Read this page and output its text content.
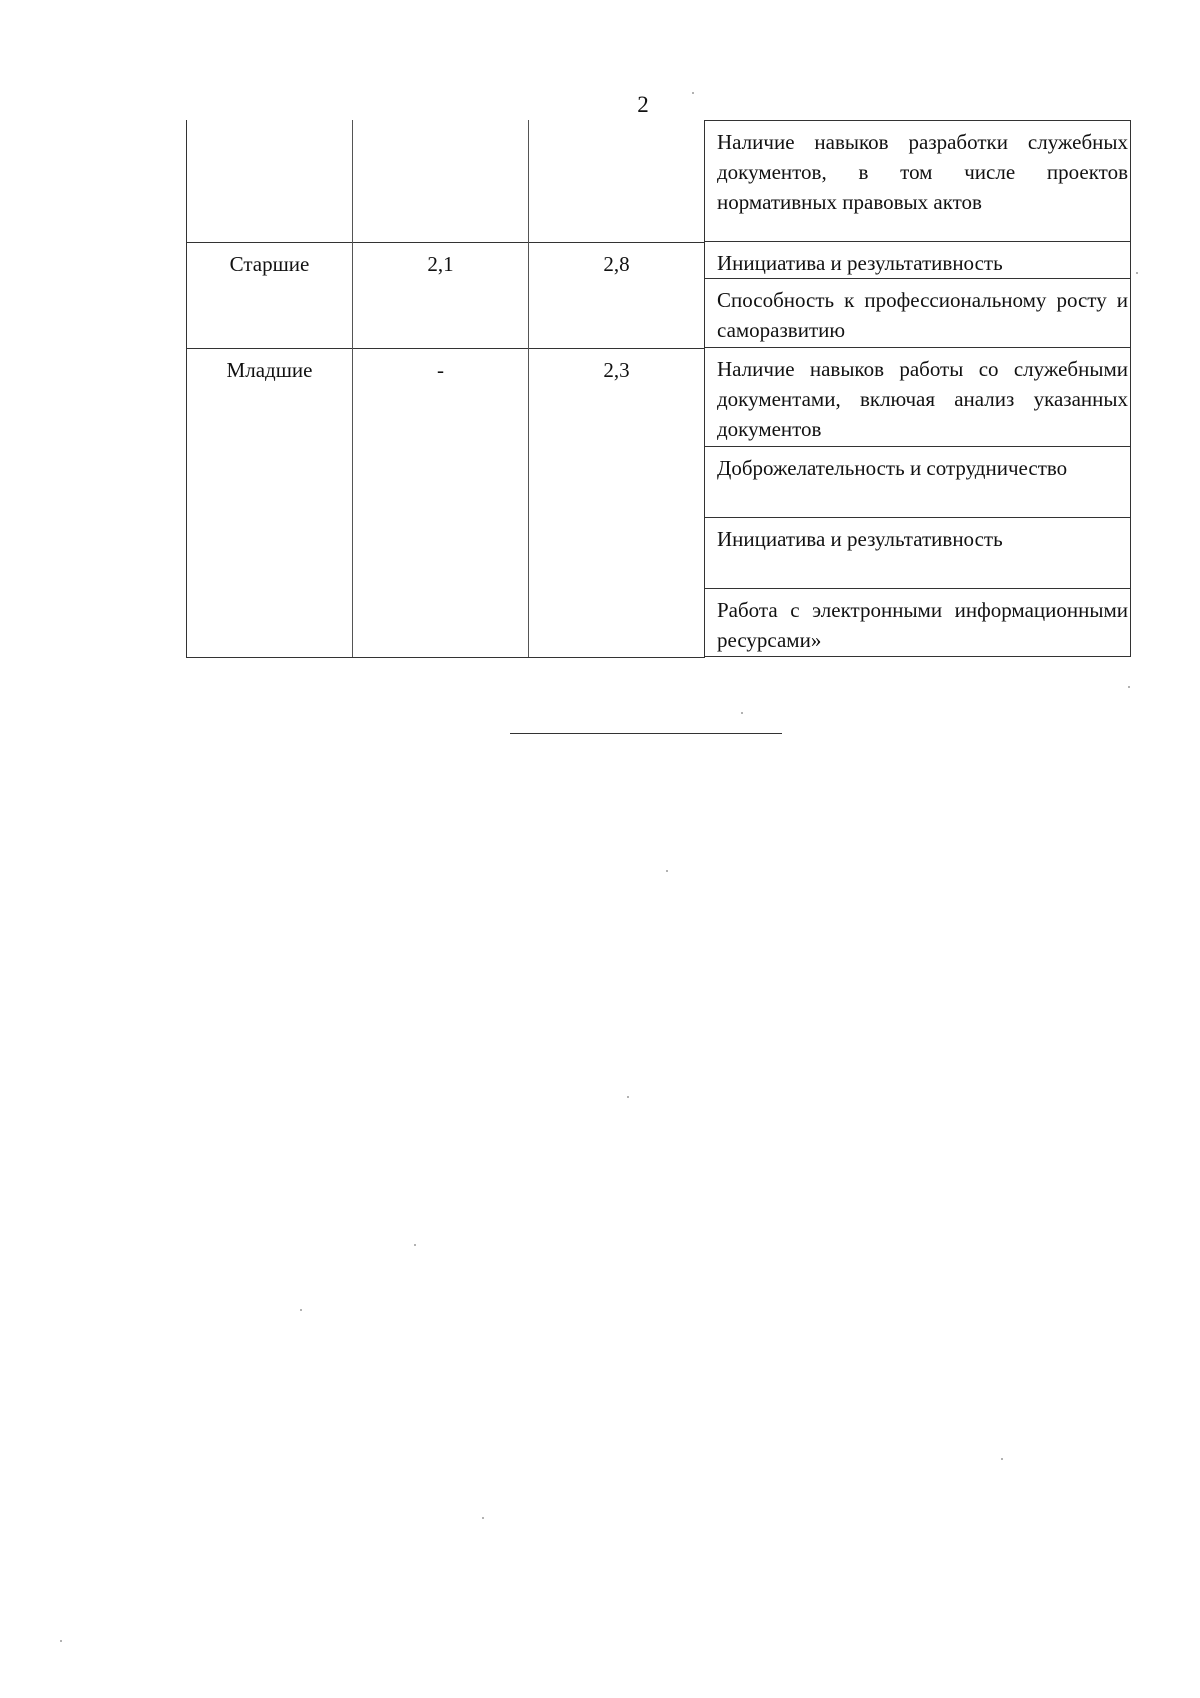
2

			Наличие навыков разработки служебных документов, в том числе проектов нормативных правовых актов

Старшие	2,1	2,8	Инициатива и результативность
Способность к профессиональному росту и саморазвитию

Младшие	-	2,3	Наличие навыков работы со служебными документами, включая анализ указанных документов
Доброжелательность и сотрудничество
Инициатива и результативность
Работа с электронными информационными ресурсами»
